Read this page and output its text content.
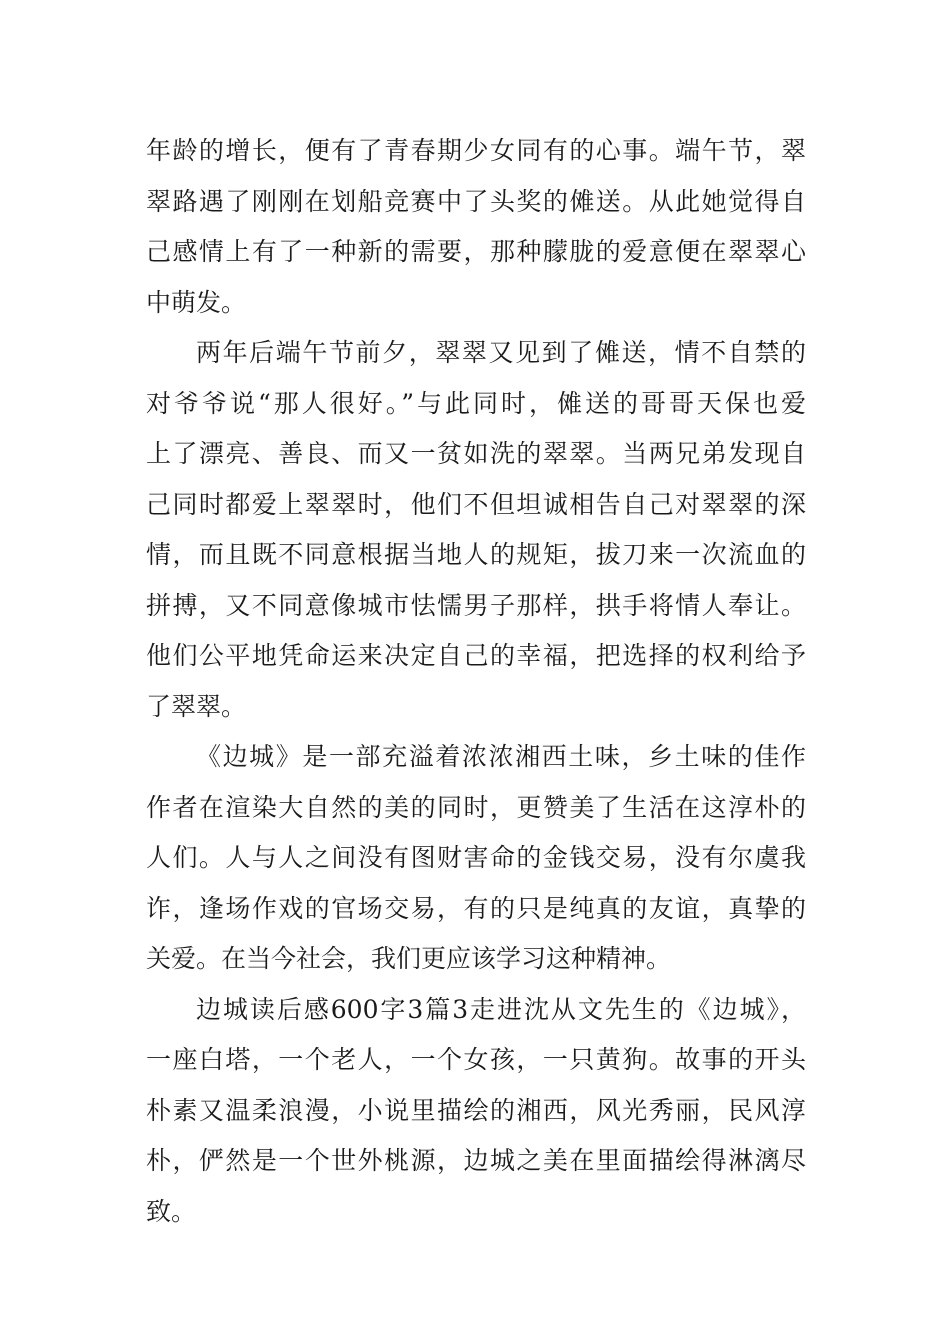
年龄的增长，便有了青春期少女同有的心事。端午节，翠
翠路遇了刚刚在划船竞赛中了头奖的傩送。从此她觉得自
己感情上有了一种新的需要，那种朦胧的爱意便在翠翠心
中萌发。
两年后端午节前夕，翠翠又见到了傩送，情不自禁的
对爷爷说“那人很好。”与此同时，傩送的哥哥天保也爱
上了漂亮、善良、而又一贫如洗的翠翠。当两兄弟发现自
己同时都爱上翠翠时，他们不但坦诚相告自己对翠翠的深
情，而且既不同意根据当地人的规矩，拔刀来一次流血的
拼搏，又不同意像城市怯懦男子那样，拱手将情人奉让。
他们公平地凭命运来决定自己的幸福，把选择的权利给予
了翠翠。
《边城》是一部充溢着浓浓湘西土味，乡土味的佳作
作者在渲染大自然的美的同时，更赞美了生活在这淳朴的
人们。人与人之间没有图财害命的金钱交易，没有尔虞我
诈，逢场作戏的官场交易，有的只是纯真的友谊，真挚的
关爱。在当今社会，我们更应该学习这种精神。
边城读后感600字3篇3走进沈从文先生的《边城》，
一座白塔，一个老人，一个女孩，一只黄狗。故事的开头
朴素又温柔浪漫，小说里描绘的湘西，风光秀丽，民风淳
朴，俨然是一个世外桃源，边城之美在里面描绘得淋漓尽
致。
